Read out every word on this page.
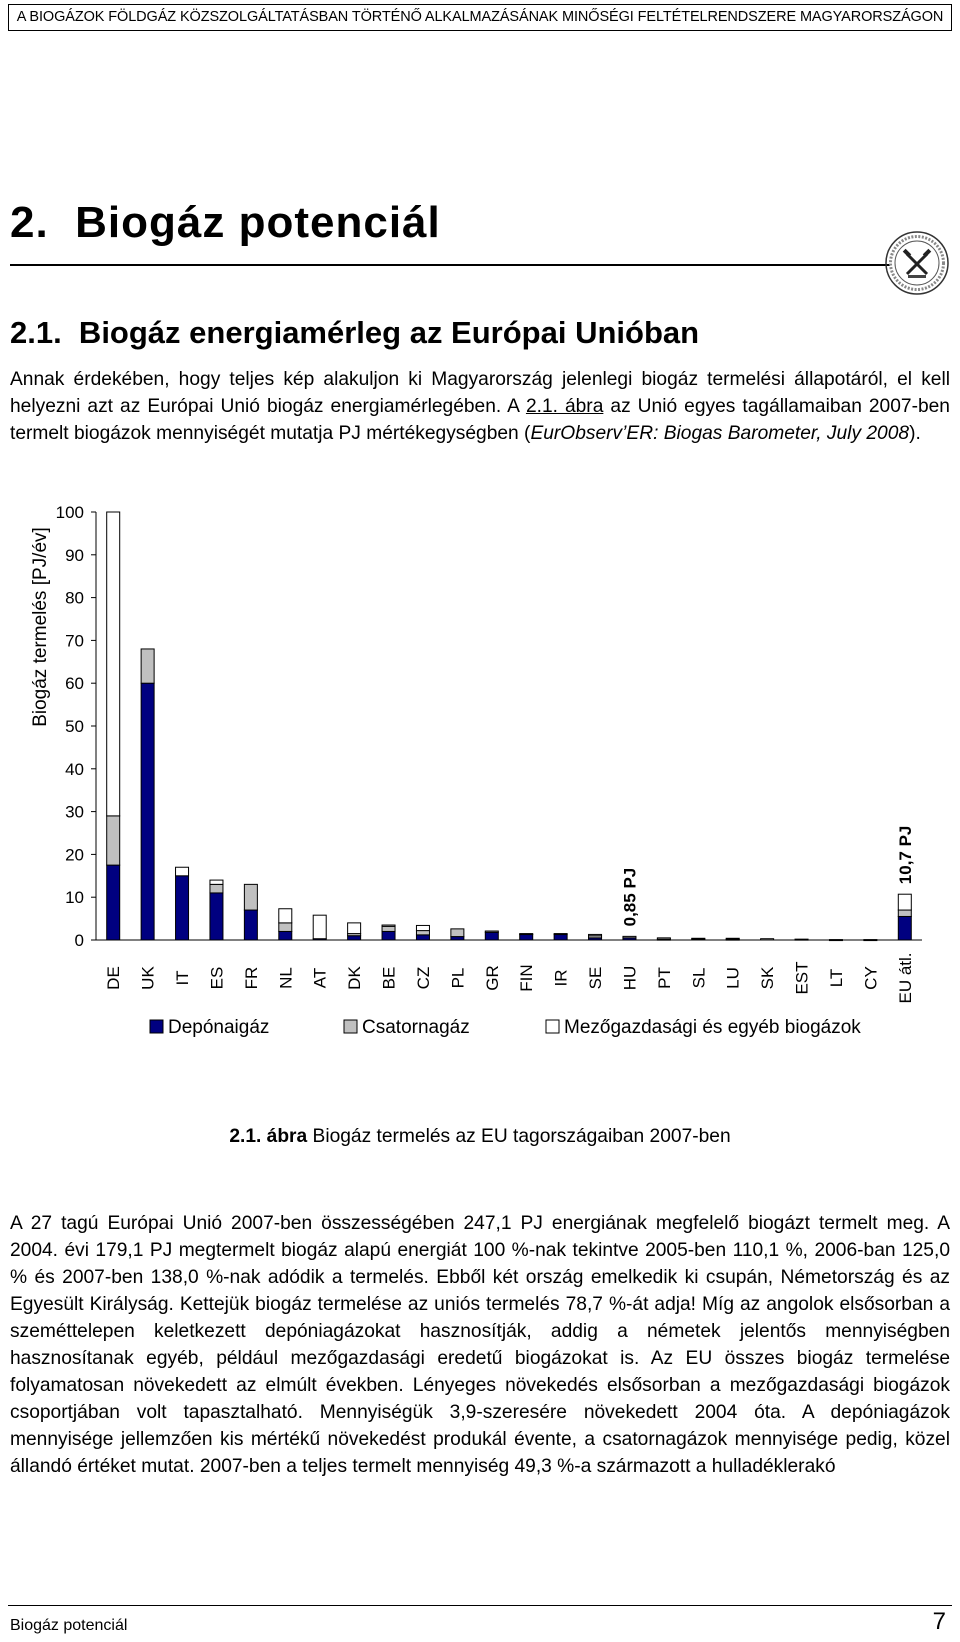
A BIOGÁZOK FÖLDGÁZ KÖZSZOLGÁLTATÁSBAN TÖRTÉNŐ ALKALMAZÁSÁNAK MINŐSÉGI FELTÉTELRENDSZERE MAGYARORSZÁGON
2.  Biogáz potenciál
2.1.  Biogáz energiamérleg az Európai Unióban

Annak érdekében, hogy teljes kép alakuljon ki Magyarország jelenlegi biogáz termelési állapotáról, el kell helyezni azt az Európai Unió biogáz energiamérlegében. A 2.1. ábra az Unió egyes tagállamaiban 2007-ben termelt biogázok mennyiségét mutatja PJ mértékegységben (EurObserv’ER: Biogas Barometer, July 2008).

Biogáz termelés [PJ/év]
0
10
20
30
40
50
60
70
80
90
100
DE UK IT ES FR NL AT DK BE CZ PL GR FIN IR SE HU PT SL LU SK EST LT CY EU átl.
0,85 PJ
10,7 PJ
Depónaigáz	Csatornagáz	Mezőgazdasági és egyéb biogázok
2.1. ábra Biogáz termelés az EU tagországaiban 2007-ben

A 27 tagú Európai Unió 2007-ben összességében 247,1 PJ energiának megfelelő biogázt termelt meg. A 2004. évi 179,1 PJ megtermelt biogáz alapú energiát 100 %-nak tekintve 2005-ben 110,1 %, 2006-ban 125,0 % és 2007-ben 138,0 %-nak adódik a termelés. Ebből két ország emelkedik ki csupán, Németország és az Egyesült Királyság. Kettejük biogáz termelése az uniós termelés 78,7 %-át adja! Míg az angolok elsősorban a szeméttelepen keletkezett depóniagázokat hasznosítják, addig a németek jelentős mennyiségben hasznosítanak egyéb, például mezőgazdasági eredetű biogázokat is. Az EU összes biogáz termelése folyamatosan növekedett az elmúlt években. Lényeges növekedés elsősorban a mezőgazdasági biogázok csoportjában volt tapasztalható. Mennyiségük 3,9-szeresére növekedett 2004 óta. A depóniagázok mennyisége jellemzően kis mértékű növekedést produkál évente, a csatornagázok mennyisége pedig, közel állandó értéket mutat. 2007-ben a teljes termelt mennyiség 49,3 %-a származott a hulladéklerakó

Biogáz potenciál	7
